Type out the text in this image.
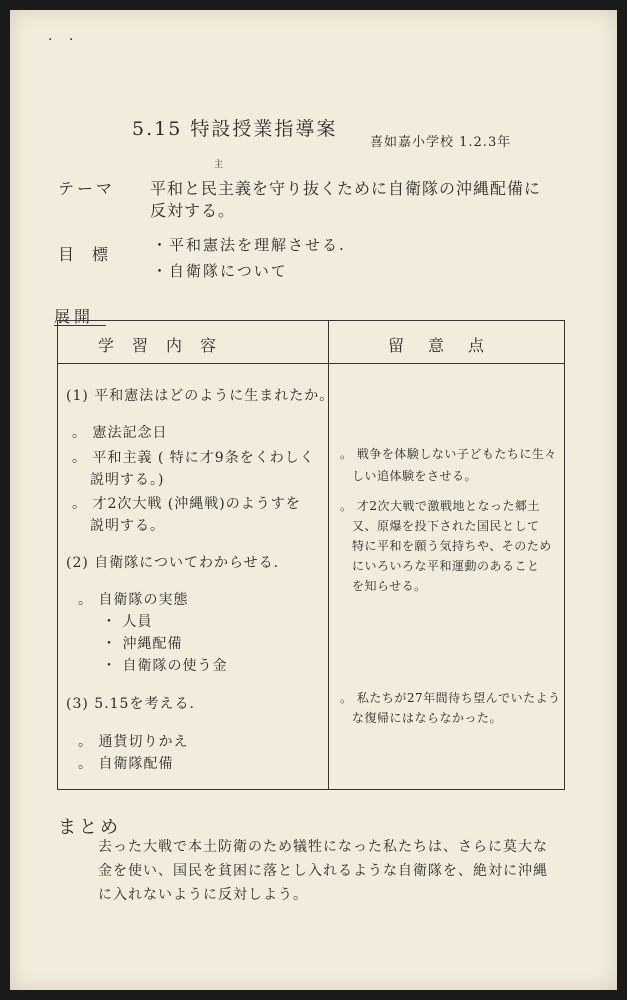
· ·
5.15 特設授業指導案
喜如嘉小学校 1.2.3年
テーマ
主
平和と民主義を守り抜くために自衛隊の沖縄配備に
反対する。
目標 ・平和憲法を理解させる.
・自衛隊について
展開
学習内容	留意点
(1) 平和憲法はどのように生まれたか。
。 憲法記念日
。 平和主義 ( 特に才9条をくわしく
説明する。)
。 才2次大戦 (沖縄戦)のようすを
説明する。
(2) 自衛隊についてわからせる.
。 自衛隊の実態
・ 人員
・ 沖縄配備
・ 自衛隊の使う金
(3) 5.15を考える.
。 通貨切りかえ
。 自衛隊配備
。 戦争を体験しない子どもたちに生々
しい追体験をさせる。
。 才2次大戦で激戦地となった郷土
又、原爆を投下された国民として
特に平和を願う気持ちや、そのため
にいろいろな平和運動のあること
を知らせる。
。 私たちが27年間待ち望んでいたよう
な復帰にはならなかった。
まとめ
去った大戦で本土防衛のため犠牲になった私たちは、さらに莫大な
金を使い、国民を貧困に落とし入れるような自衛隊を、絶対に沖縄
に入れないように反対しよう。
[2]
